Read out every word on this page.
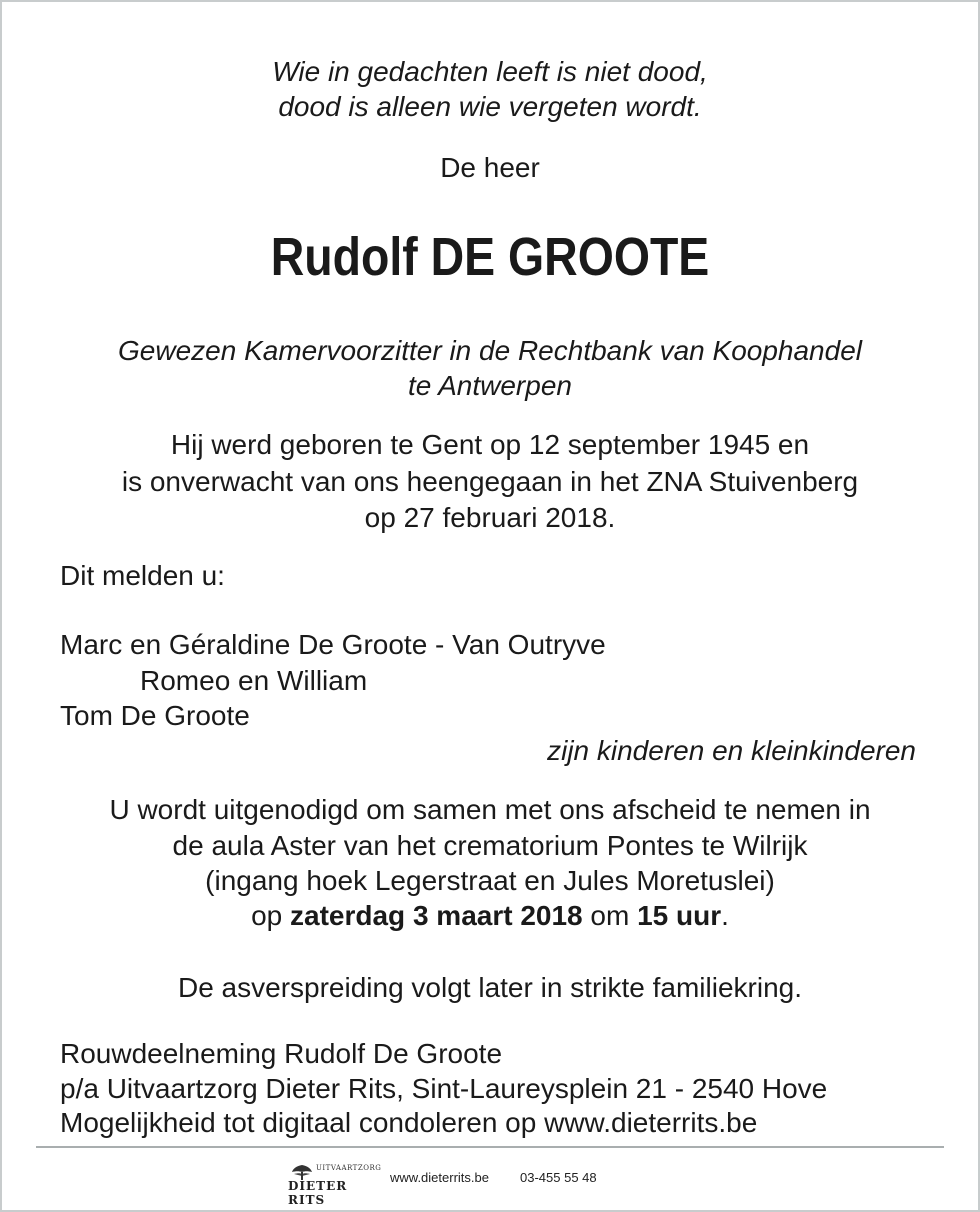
Wie in gedachten leeft is niet dood,
dood is alleen wie vergeten wordt.
De heer
Rudolf DE GROOTE
Gewezen Kamervoorzitter in de Rechtbank van Koophandel
te Antwerpen
Hij werd geboren te Gent op 12 september 1945 en
is onverwacht van ons heengegaan in het ZNA Stuivenberg
op 27 februari 2018.
Dit melden u:
Marc en Géraldine De Groote - Van Outryve
Romeo en William
Tom De Groote
zijn kinderen en kleinkinderen
U wordt uitgenodigd om samen met ons afscheid te nemen in
de aula Aster van het crematorium Pontes te Wilrijk
(ingang hoek Legerstraat en Jules Moretuslei)
op zaterdag 3 maart 2018 om 15 uur.
De asverspreiding volgt later in strikte familiekring.
Rouwdeelneming Rudolf De Groote
p/a Uitvaartzorg Dieter Rits, Sint-Laureysplein 21 - 2540 Hove
Mogelijkheid tot digitaal condoleren op www.dieterrits.be
UITVAARTZORG
DIETER RITS
www.dieterrits.be 03-455 55 48
